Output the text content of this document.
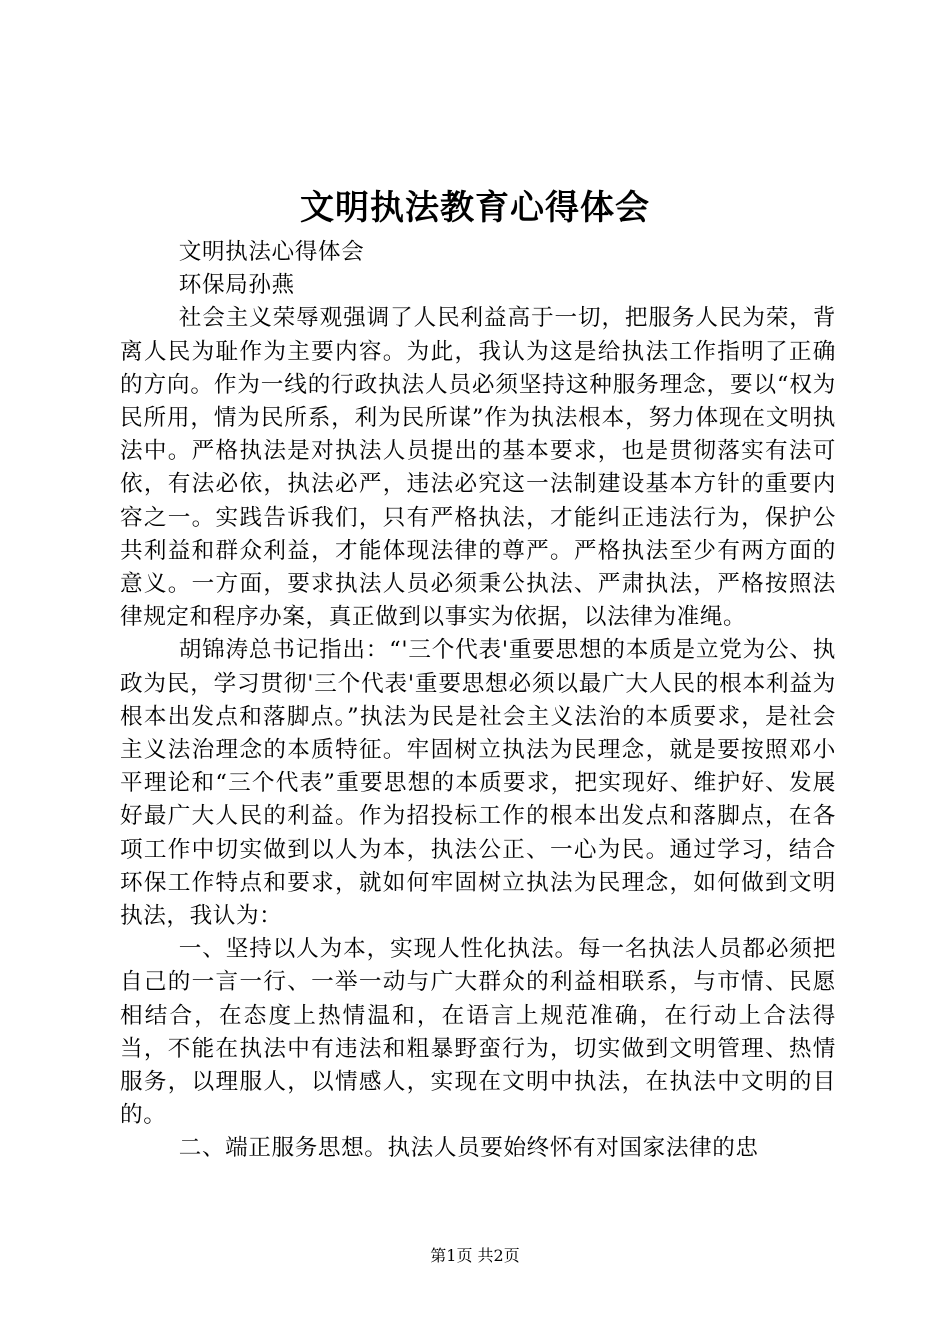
文明执法教育心得体会

文明执法心得体会

环保局孙燕

社会主义荣辱观强调了人民利益高于一切，把服务人民为荣，背离人民为耻作为主要内容。为此，我认为这是给执法工作指明了正确的方向。作为一线的行政执法人员必须坚持这种服务理念，要以“权为民所用，情为民所系，利为民所谋”作为执法根本，努力体现在文明执法中。严格执法是对执法人员提出的基本要求，也是贯彻落实有法可依，有法必依，执法必严，违法必究这一法制建设基本方针的重要内容之一。实践告诉我们，只有严格执法，才能纠正违法行为，保护公共利益和群众利益，才能体现法律的尊严。严格执法至少有两方面的意义。一方面，要求执法人员必须秉公执法、严肃执法，严格按照法律规定和程序办案，真正做到以事实为依据，以法律为准绳。

胡锦涛总书记指出：“'三个代表'重要思想的本质是立党为公、执政为民，学习贯彻'三个代表'重要思想必须以最广大人民的根本利益为根本出发点和落脚点。”执法为民是社会主义法治的本质要求，是社会主义法治理念的本质特征。牢固树立执法为民理念，就是要按照邓小平理论和“三个代表”重要思想的本质要求，把实现好、维护好、发展好最广大人民的利益。作为招投标工作的根本出发点和落脚点，在各项工作中切实做到以人为本，执法公正、一心为民。通过学习，结合环保工作特点和要求，就如何牢固树立执法为民理念，如何做到文明执法，我认为：

一、坚持以人为本，实现人性化执法。每一名执法人员都必须把自己的一言一行、一举一动与广大群众的利益相联系，与市情、民愿相结合，在态度上热情温和，在语言上规范准确，在行动上合法得当，不能在执法中有违法和粗暴野蛮行为，切实做到文明管理、热情服务，以理服人，以情感人，实现在文明中执法，在执法中文明的目的。

二、端正服务思想。执法人员要始终怀有对国家法律的忠

第1页 共2页
